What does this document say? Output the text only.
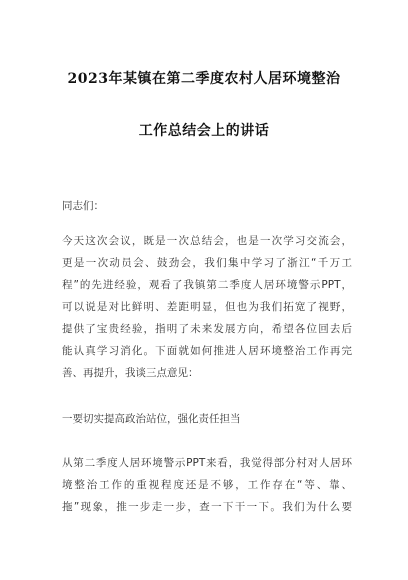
2023年某镇在第二季度农村人居环境整治
工作总结会上的讲话
同志们：

今天这次会议，既是一次总结会，也是一次学习交流会，
更是一次动员会、鼓劲会，我们集中学习了浙江“千万工
程”的先进经验，观看了我镇第二季度人居环境警示PPT，
可以说是对比鲜明、差距明显，但也为我们拓宽了视野，
提供了宝贵经验，指明了未来发展方向，希望各位回去后
能认真学习消化。下面就如何推进人居环境整治工作再完
善、再提升，我谈三点意见：

一要切实提高政治站位，强化责任担当

从第二季度人居环境警示PPT来看，我觉得部分村对人居环
境整治工作的重视程度还是不够，工作存在“等、靠、
拖”现象，推一步走一步，查一下干一下。我们为什么要
